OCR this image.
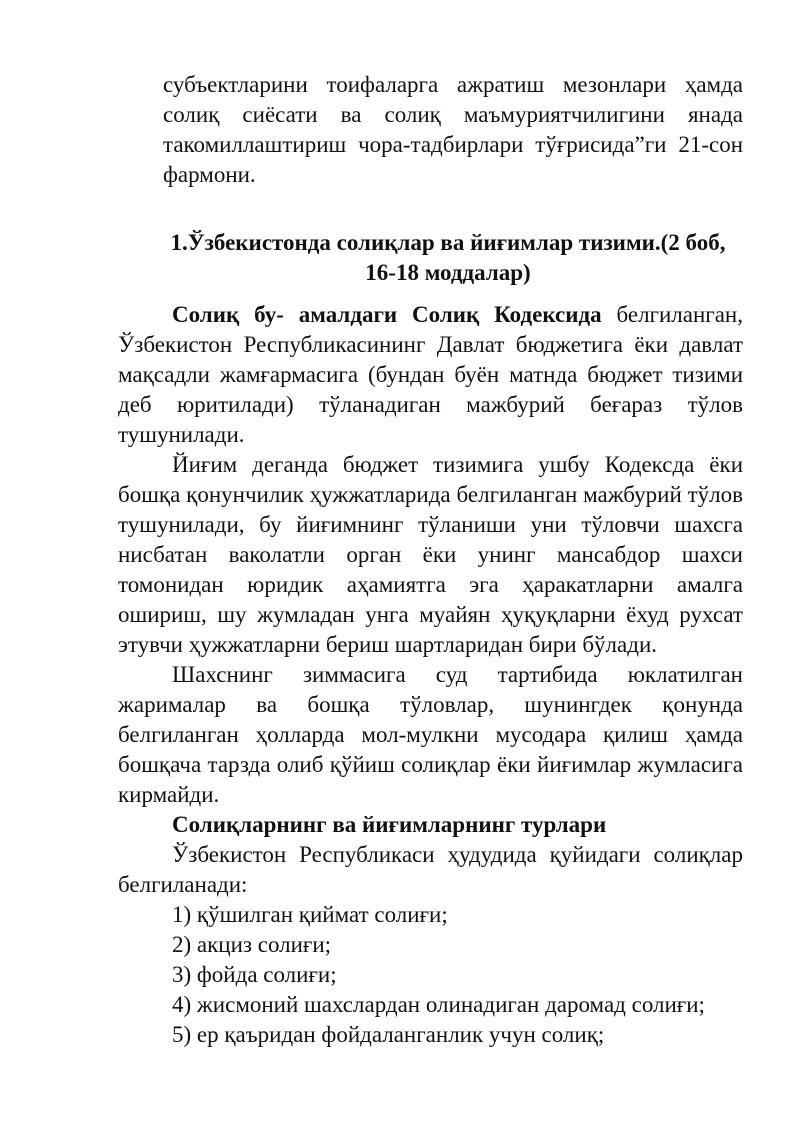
субъектларини тоифаларга ажратиш мезонлари ҳамда солиқ сиёсати ва солиқ маъмуриятчилигини янада такомиллаштириш чора-тадбирлари тўғрисида”ги 21-сон фармони.
1.Ўзбекистонда солиқлар ва йиғимлар тизими.(2 боб,
16-18 моддалар)

Солиқ бу- амалдаги Солиқ Кодексида белгиланган, Ўзбекистон Республикасининг Давлат бюджетига ёки давлат мақсадли жамғармасига (бундан буён матнда бюджет тизими деб юритилади) тўланадиган мажбурий беғараз тўлов тушунилади.

Йиғим деганда бюджет тизимига ушбу Кодексда ёки бошқа қонунчилик ҳужжатларида белгиланган мажбурий тўлов тушунилади, бу йиғимнинг тўланиши уни тўловчи шахсга нисбатан ваколатли орган ёки унинг мансабдор шахси томонидан юридик аҳамиятга эга ҳаракатларни амалга ошириш, шу жумладан унга муайян ҳуқуқларни ёхуд рухсат этувчи ҳужжатларни бериш шартларидан бири бўлади.

Шахснинг зиммасига суд тартибида юклатилган жарималар ва бошқа тўловлар, шунингдек қонунда белгиланган ҳолларда мол-мулкни мусодара қилиш ҳамда бошқача тарзда олиб қўйиш солиқлар ёки йиғимлар жумласига кирмайди.

Солиқларнинг ва йиғимларнинг турлари

Ўзбекистон Республикаси ҳудудида қуйидаги солиқлар белгиланади:

1) қўшилган қиймат солиғи;

2) акциз солиғи;

3) фойда солиғи;

4) жисмоний шахслардан олинадиган даромад солиғи;

5) ер қаъридан фойдаланганлик учун солиқ;
